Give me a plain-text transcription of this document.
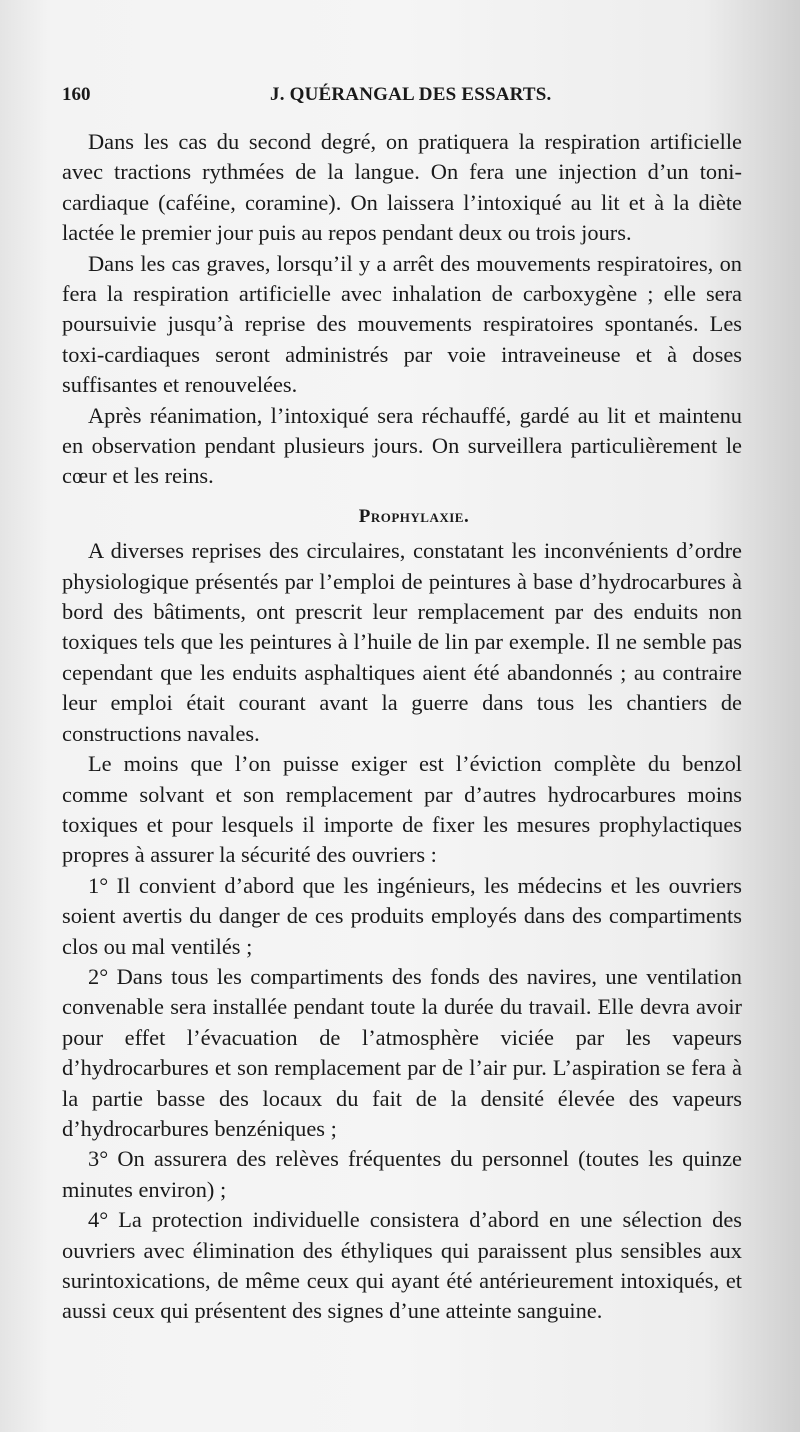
160	J. QUÉRANGAL DES ESSARTS.

Dans les cas du second degré, on pratiquera la respiration artificielle avec tractions rythmées de la langue. On fera une injection d’un toni-cardiaque (caféine, coramine). On laissera l’intoxiqué au lit et à la diète lactée le premier jour puis au repos pendant deux ou trois jours.

Dans les cas graves, lorsqu’il y a arrêt des mouvements respiratoires, on fera la respiration artificielle avec inhalation de carboxygène ; elle sera poursuivie jusqu’à reprise des mouvements respiratoires spontanés. Les toxi-cardiaques seront administrés par voie intraveineuse et à doses suffisantes et renouvelées.

Après réanimation, l’intoxiqué sera réchauffé, gardé au lit et maintenu en observation pendant plusieurs jours. On surveillera particulièrement le cœur et les reins.

Prophylaxie.

A diverses reprises des circulaires, constatant les inconvénients d’ordre physiologique présentés par l’emploi de peintures à base d’hydrocarbures à bord des bâtiments, ont prescrit leur remplacement par des enduits non toxiques tels que les peintures à l’huile de lin par exemple. Il ne semble pas cependant que les enduits asphaltiques aient été abandonnés ; au contraire leur emploi était courant avant la guerre dans tous les chantiers de constructions navales.

Le moins que l’on puisse exiger est l’éviction complète du benzol comme solvant et son remplacement par d’autres hydrocarbures moins toxiques et pour lesquels il importe de fixer les mesures prophylactiques propres à assurer la sécurité des ouvriers :

1° Il convient d’abord que les ingénieurs, les médecins et les ouvriers soient avertis du danger de ces produits employés dans des compartiments clos ou mal ventilés ;

2° Dans tous les compartiments des fonds des navires, une ventilation convenable sera installée pendant toute la durée du travail. Elle devra avoir pour effet l’évacuation de l’atmosphère viciée par les vapeurs d’hydrocarbures et son remplacement par de l’air pur. L’aspiration se fera à la partie basse des locaux du fait de la densité élevée des vapeurs d’hydrocarbures benzéniques ;

3° On assurera des relèves fréquentes du personnel (toutes les quinze minutes environ) ;

4° La protection individuelle consistera d’abord en une sélection des ouvriers avec élimination des éthyliques qui paraissent plus sensibles aux surintoxications, de même ceux qui ayant été antérieurement intoxiqués, et aussi ceux qui présentent des signes d’une atteinte sanguine.
